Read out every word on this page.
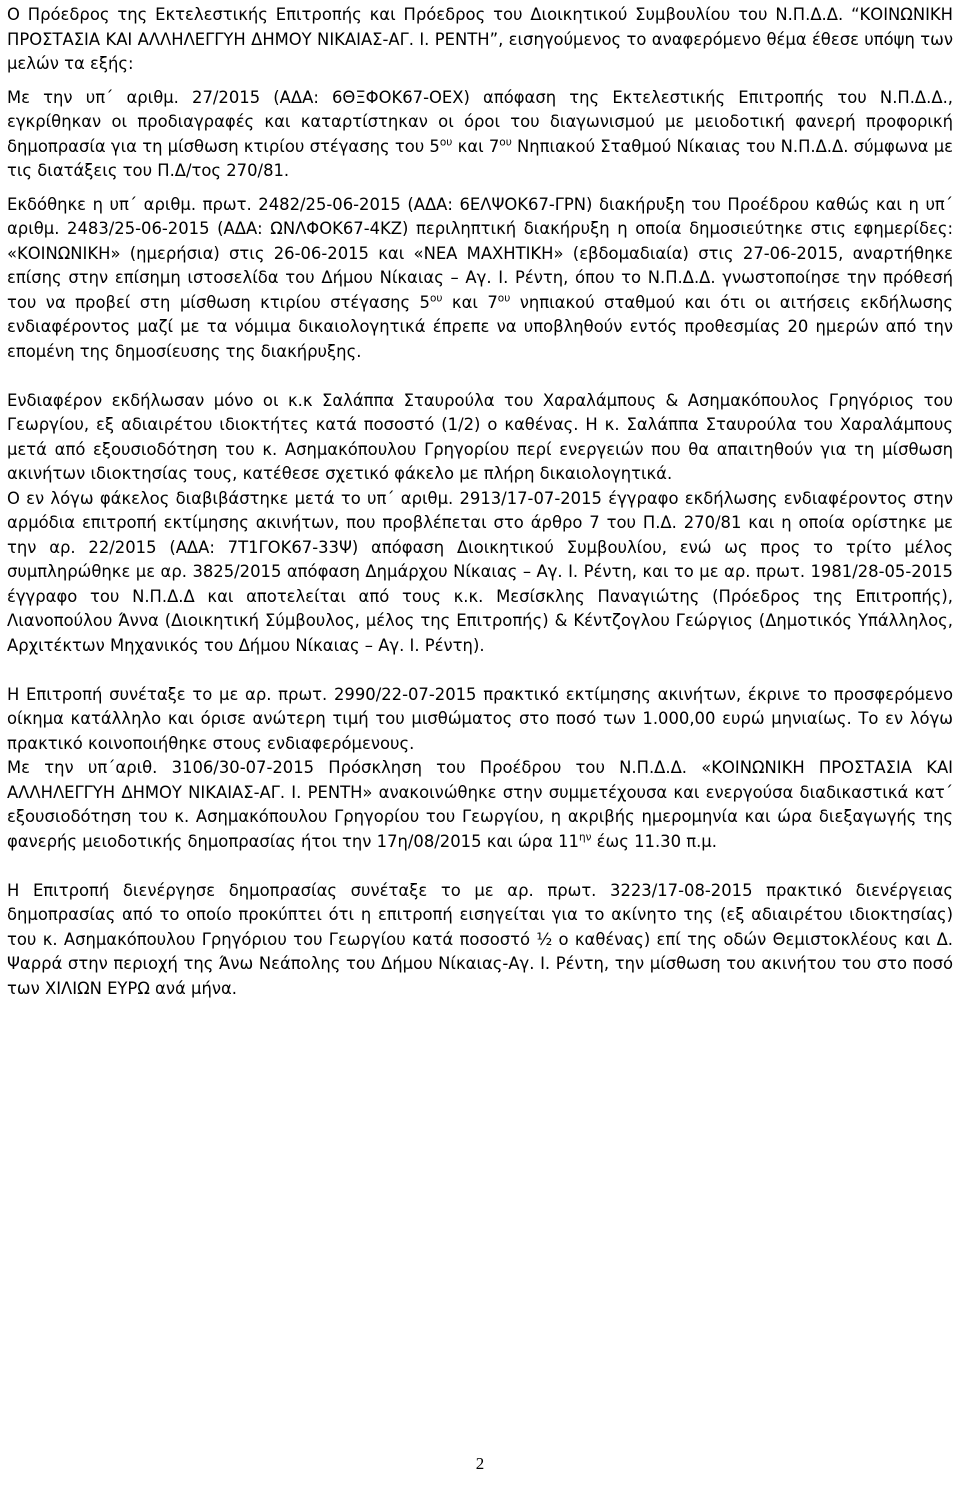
Ο Πρόεδρος της Εκτελεστικής Επιτροπής και Πρόεδρος του Διοικητικού Συμβουλίου του Ν.Π.Δ.Δ. “ΚΟΙΝΩΝΙΚΗ ΠΡΟΣΤΑΣΙΑ ΚΑΙ ΑΛΛΗΛΕΓΓΥΗ ΔΗΜΟΥ ΝΙΚΑΙΑΣ-ΑΓ. Ι. ΡΕΝΤΗ”, εισηγούμενος το αναφερόμενο θέμα έθεσε υπόψη των μελών τα εξής:

Με την υπ΄ αριθμ. 27/2015 (ΑΔΑ: 6ΘΞΦΟΚ67-ΟΕΧ) απόφαση της Εκτελεστικής Επιτροπής του Ν.Π.Δ.Δ., εγκρίθηκαν οι προδιαγραφές και καταρτίστηκαν οι όροι του διαγωνισμού με μειοδοτική φανερή προφορική δημοπρασία για τη μίσθωση κτιρίου στέγασης του $5^{o\upsilon}$ και $7^{o\upsilon}$ Νηπιακού Σταθμού Νίκαιας του Ν.Π.Δ.Δ. σύμφωνα με τις διατάξεις του Π.Δ/τος 270/81.

Εκδόθηκε η υπ΄ αριθμ. πρωτ. 2482/25-06-2015 (ΑΔΑ: 6ΕΛΨΟΚ67-ΓΡΝ) διακήρυξη του Προέδρου καθώς και η υπ΄ αριθμ. 2483/25-06-2015 (ΑΔΑ: ΩΝΛΦΟΚ67-4ΚΖ) περιληπτική διακήρυξη η οποία δημοσιεύτηκε στις εφημερίδες: «ΚΟΙΝΩΝΙΚΗ» (ημερήσια) στις 26-06-2015 και «ΝΕΑ ΜΑΧΗΤΙΚΗ» (εβδομαδιαία) στις 27-06-2015, αναρτήθηκε επίσης στην επίσημη ιστοσελίδα του Δήμου Νίκαιας – Αγ. Ι. Ρέντη, όπου το Ν.Π.Δ.Δ. γνωστοποίησε την πρόθεσή του να προβεί στη μίσθωση κτιρίου στέγασης $5^{o\upsilon}$ και $7^{o\upsilon}$ νηπιακού σταθμού και ότι οι αιτήσεις εκδήλωσης ενδιαφέροντος μαζί με τα νόμιμα δικαιολογητικά έπρεπε να υποβληθούν εντός προθεσμίας 20 ημερών από την επομένη της δημοσίευσης της διακήρυξης.

Ενδιαφέρον εκδήλωσαν μόνο οι κ.κ Σαλάππα Σταυρούλα του Χαραλάμπους & Ασημακόπουλος Γρηγόριος του Γεωργίου, εξ αδιαιρέτου ιδιοκτήτες κατά ποσοστό (1/2) ο καθένας. Η κ. Σαλάππα Σταυρούλα του Χαραλάμπους μετά από εξουσιοδότηση του κ. Ασημακόπουλου Γρηγορίου περί ενεργειών που θα απαιτηθούν για τη μίσθωση ακινήτων ιδιοκτησίας τους, κατέθεσε σχετικό φάκελο με πλήρη δικαιολογητικά.

Ο εν λόγω φάκελος διαβιβάστηκε μετά το υπ΄ αριθμ. 2913/17-07-2015 έγγραφο εκδήλωσης ενδιαφέροντος στην αρμόδια επιτροπή εκτίμησης ακινήτων, που προβλέπεται στο άρθρο 7 του Π.Δ. 270/81 και η οποία ορίστηκε με την αρ. 22/2015 (ΑΔΑ: 7Τ1ΓΟΚ67-33Ψ) απόφαση Διοικητικού Συμβουλίου, ενώ ως προς το τρίτο μέλος συμπληρώθηκε με αρ. 3825/2015 απόφαση Δημάρχου Νίκαιας – Αγ. Ι. Ρέντη, και το με αρ. πρωτ. 1981/28-05-2015 έγγραφο του Ν.Π.Δ.Δ και αποτελείται από τους κ.κ. Μεσίσκλης Παναγιώτης (Πρόεδρος της Επιτροπής), Λιανοπούλου Άννα (Διοικητική Σύμβουλος, μέλος της Επιτροπής) & Κέντζογλου Γεώργιος (Δημοτικός Υπάλληλος, Αρχιτέκτων Μηχανικός του Δήμου Νίκαιας – Αγ. Ι. Ρέντη).

Η Επιτροπή συνέταξε το με αρ. πρωτ. 2990/22-07-2015 πρακτικό εκτίμησης ακινήτων, έκρινε το προσφερόμενο οίκημα κατάλληλο και όρισε ανώτερη τιμή του μισθώματος στο ποσό των 1.000,00 ευρώ μηνιαίως. Το εν λόγω πρακτικό κοινοποιήθηκε στους ενδιαφερόμενους.

Με την υπ΄αριθ. 3106/30-07-2015 Πρόσκληση του Προέδρου του Ν.Π.Δ.Δ. «ΚΟΙΝΩΝΙΚΗ ΠΡΟΣΤΑΣΙΑ ΚΑΙ ΑΛΛΗΛΕΓΓΥΗ ΔΗΜΟΥ ΝΙΚΑΙΑΣ-ΑΓ. Ι. ΡΕΝΤΗ» ανακοινώθηκε στην συμμετέχουσα και ενεργούσα διαδικαστικά κατ΄ εξουσιοδότηση του κ. Ασημακόπουλου Γρηγορίου του Γεωργίου, η ακριβής ημερομηνία και ώρα διεξαγωγής της φανερής μειοδοτικής δημοπρασίας ήτοι την 17η/08/2015 και ώρα $11^{\eta\nu}$ έως 11.30 π.μ.

Η Επιτροπή διενέργησε δημοπρασίας συνέταξε το με αρ. πρωτ. 3223/17-08-2015 πρακτικό διενέργειας δημοπρασίας από το οποίο προκύπτει ότι η επιτροπή εισηγείται για το ακίνητο της (εξ αδιαιρέτου ιδιοκτησίας) του κ. Ασημακόπουλου Γρηγόριου του Γεωργίου κατά ποσοστό ½ ο καθένας) επί της οδών Θεμιστοκλέους και Δ. Ψαρρά στην περιοχή της Άνω Νεάπολης του Δήμου Νίκαιας-Αγ. Ι. Ρέντη, την μίσθωση του ακινήτου του στο ποσό των ΧΙΛΙΩΝ ΕΥΡΩ ανά μήνα.

2
